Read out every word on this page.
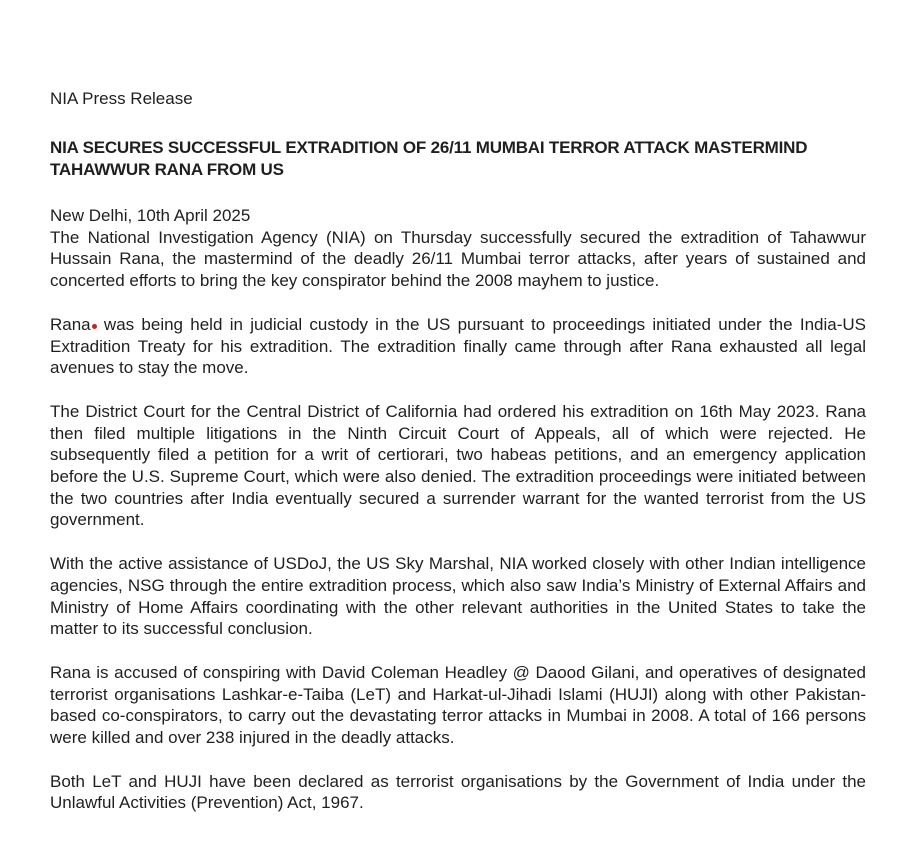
NIA Press Release

NIA SECURES SUCCESSFUL EXTRADITION OF 26/11 MUMBAI TERROR ATTACK MASTERMIND
TAHAWWUR RANA FROM US
New Delhi, 10th April 2025

The National Investigation Agency (NIA) on Thursday successfully secured the extradition of Tahawwur Hussain Rana, the mastermind of the deadly 26/11 Mumbai terror attacks, after years of sustained and concerted efforts to bring the key conspirator behind the 2008 mayhem to justice.

Rana was being held in judicial custody in the US pursuant to proceedings initiated under the India-US Extradition Treaty for his extradition. The extradition finally came through after Rana exhausted all legal avenues to stay the move.

The District Court for the Central District of California had ordered his extradition on 16th May 2023. Rana then filed multiple litigations in the Ninth Circuit Court of Appeals, all of which were rejected. He subsequently filed a petition for a writ of certiorari, two habeas petitions, and an emergency application before the U.S. Supreme Court, which were also denied. The extradition proceedings were initiated between the two countries after India eventually secured a surrender warrant for the wanted terrorist from the US government.

With the active assistance of USDoJ, the US Sky Marshal, NIA worked closely with other Indian intelligence agencies, NSG through the entire extradition process, which also saw India’s Ministry of External Affairs and Ministry of Home Affairs coordinating with the other relevant authorities in the United States to take the matter to its successful conclusion.

Rana is accused of conspiring with David Coleman Headley @ Daood Gilani, and operatives of designated terrorist organisations Lashkar-e-Taiba (LeT) and Harkat-ul-Jihadi Islami (HUJI) along with other Pakistan-based co-conspirators, to carry out the devastating terror attacks in Mumbai in 2008. A total of 166 persons were killed and over 238 injured in the deadly attacks.

Both LeT and HUJI have been declared as terrorist organisations by the Government of India under the Unlawful Activities (Prevention) Act, 1967.
